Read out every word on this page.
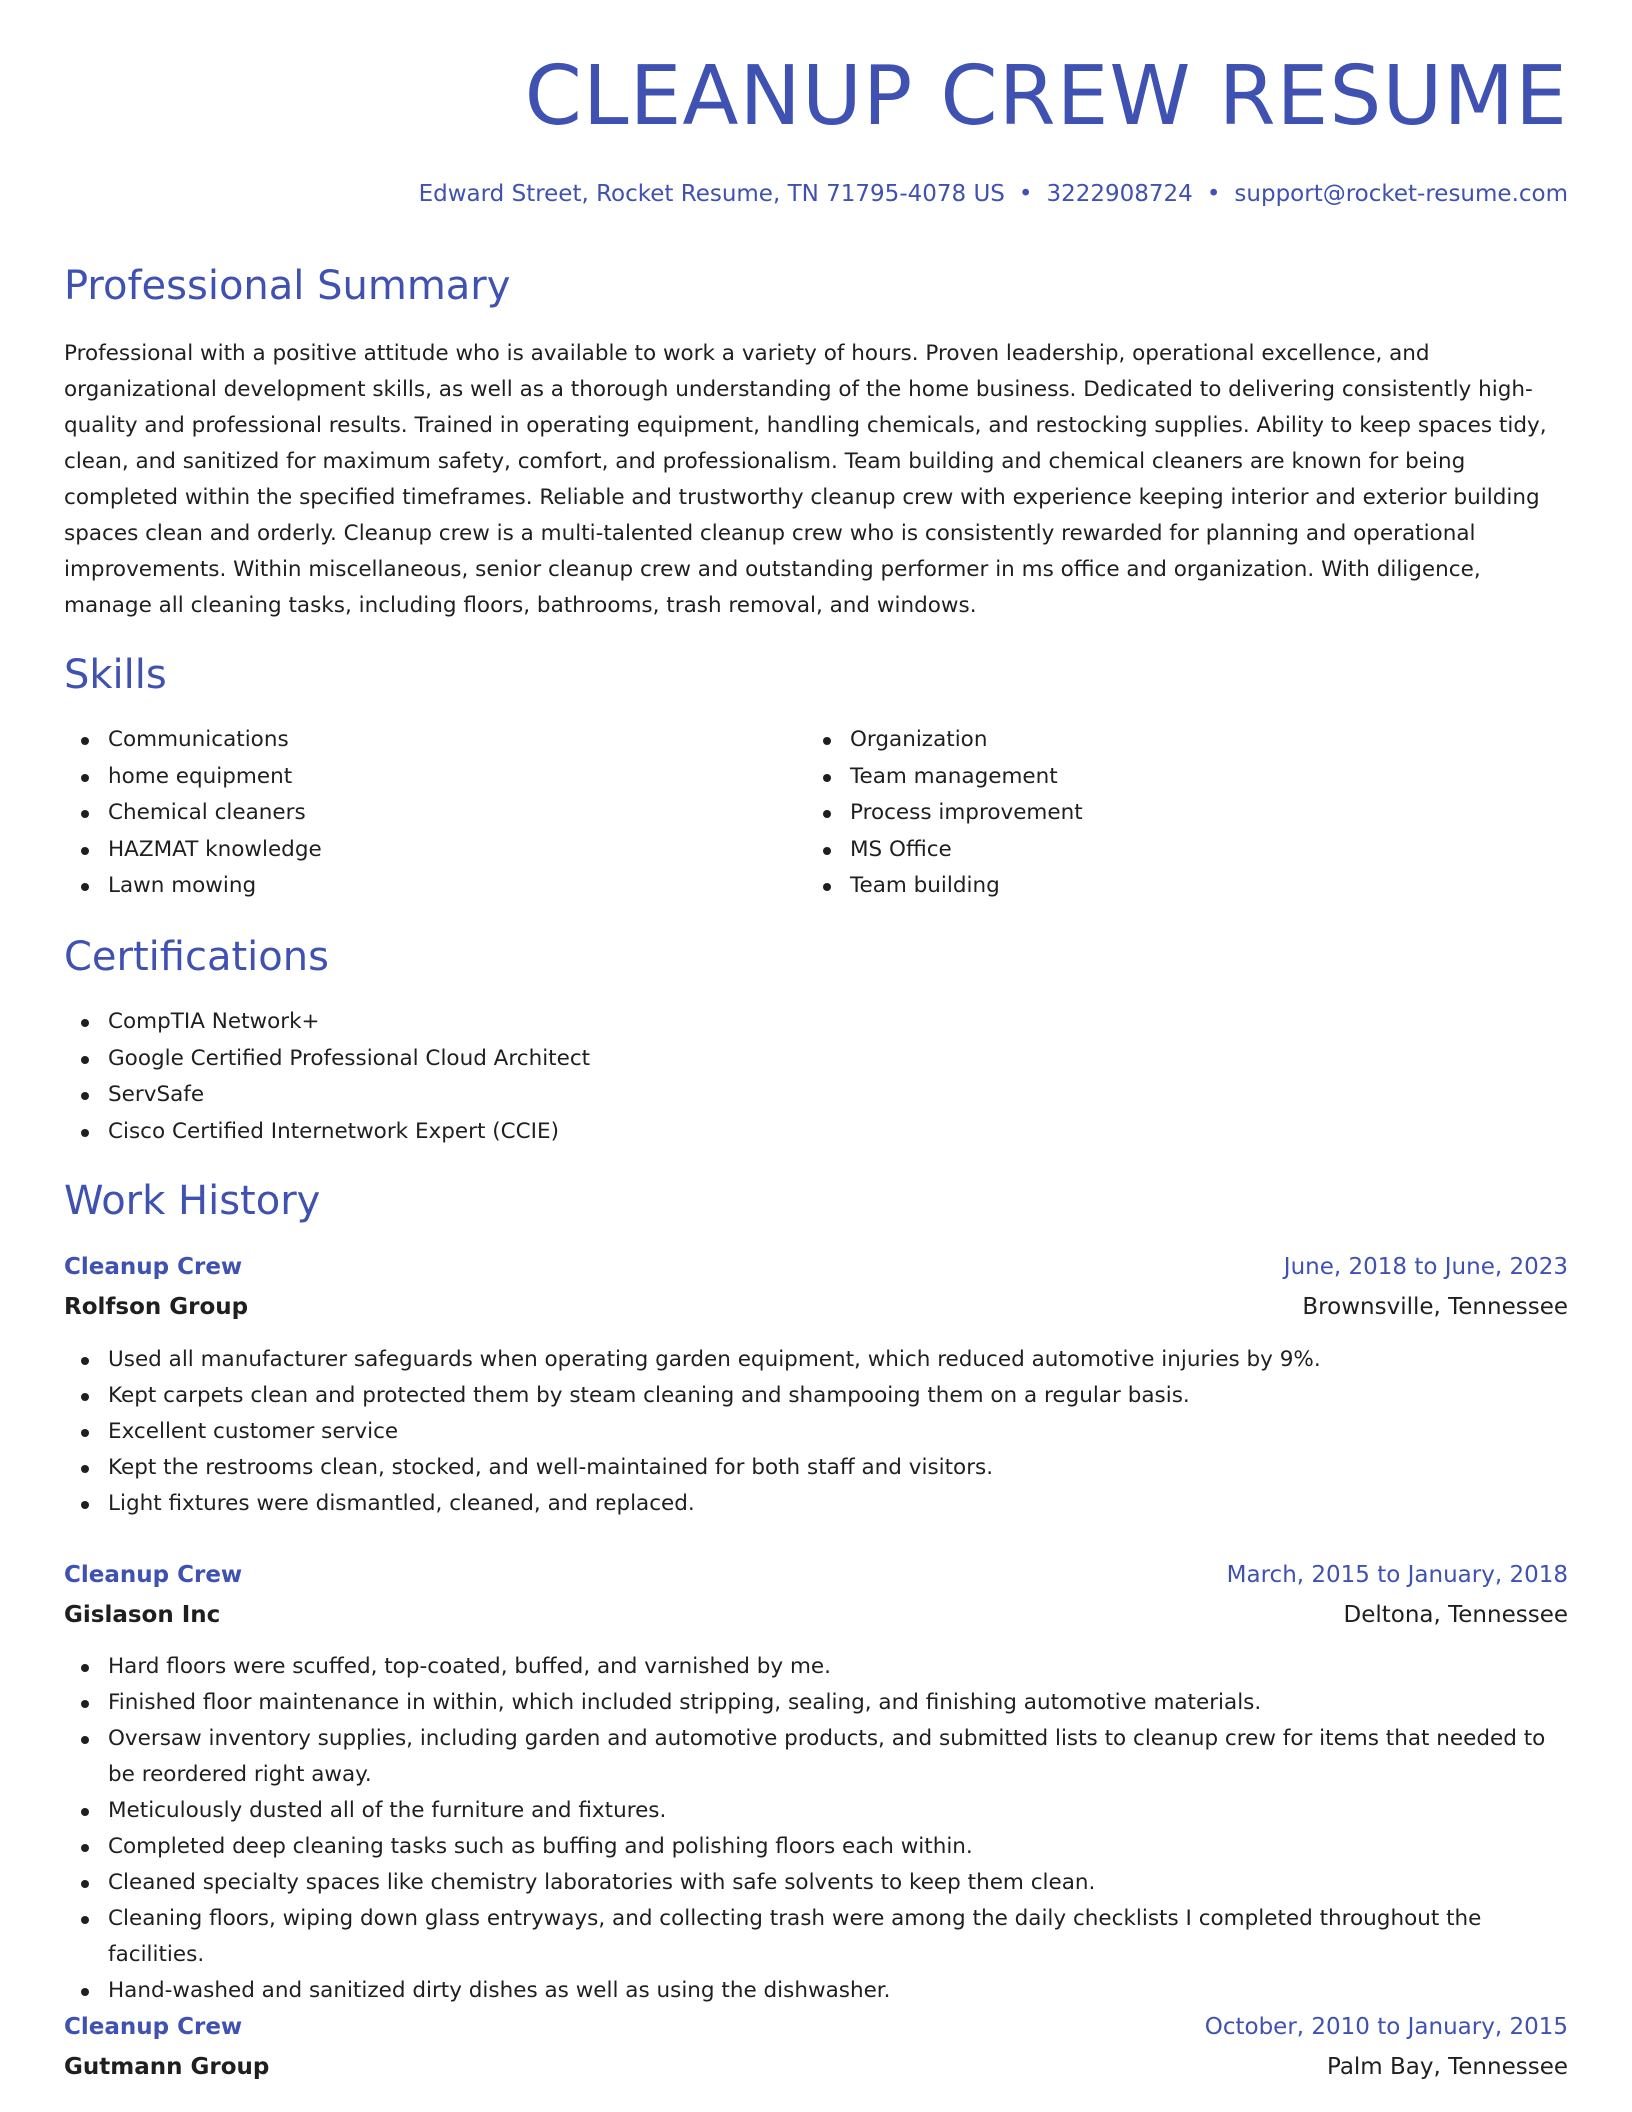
CLEANUP CREW RESUME
Edward Street, Rocket Resume, TN 71795-4078 US • 3222908724 • support@rocket-resume.com
Professional Summary

Professional with a positive attitude who is available to work a variety of hours. Proven leadership, operational excellence, and organizational development skills, as well as a thorough understanding of the home business. Dedicated to delivering consistently high-quality and professional results. Trained in operating equipment, handling chemicals, and restocking supplies. Ability to keep spaces tidy, clean, and sanitized for maximum safety, comfort, and professionalism. Team building and chemical cleaners are known for being completed within the specified timeframes. Reliable and trustworthy cleanup crew with experience keeping interior and exterior building spaces clean and orderly. Cleanup crew is a multi-talented cleanup crew who is consistently rewarded for planning and operational improvements. Within miscellaneous, senior cleanup crew and outstanding performer in ms office and organization. With diligence, manage all cleaning tasks, including floors, bathrooms, trash removal, and windows.

Skills
Communications
home equipment
Chemical cleaners
HAZMAT knowledge
Lawn mowing
Organization
Team management
Process improvement
MS Office
Team building
Certifications
CompTIA Network+
Google Certified Professional Cloud Architect
ServSafe
Cisco Certified Internetwork Expert (CCIE)
Work History
Cleanup Crew	June, 2018 to June, 2023
Rolfson Group	Brownsville, Tennessee
Used all manufacturer safeguards when operating garden equipment, which reduced automotive injuries by 9%.
Kept carpets clean and protected them by steam cleaning and shampooing them on a regular basis.
Excellent customer service
Kept the restrooms clean, stocked, and well-maintained for both staff and visitors.
Light fixtures were dismantled, cleaned, and replaced.
Cleanup Crew	March, 2015 to January, 2018
Gislason Inc	Deltona, Tennessee
Hard floors were scuffed, top-coated, buffed, and varnished by me.
Finished floor maintenance in within, which included stripping, sealing, and finishing automotive materials.
Oversaw inventory supplies, including garden and automotive products, and submitted lists to cleanup crew for items that needed to be reordered right away.
Meticulously dusted all of the furniture and fixtures.
Completed deep cleaning tasks such as buffing and polishing floors each within.
Cleaned specialty spaces like chemistry laboratories with safe solvents to keep them clean.
Cleaning floors, wiping down glass entryways, and collecting trash were among the daily checklists I completed throughout the facilities.
Hand-washed and sanitized dirty dishes as well as using the dishwasher.
Cleanup Crew	October, 2010 to January, 2015
Gutmann Group	Palm Bay, Tennessee
